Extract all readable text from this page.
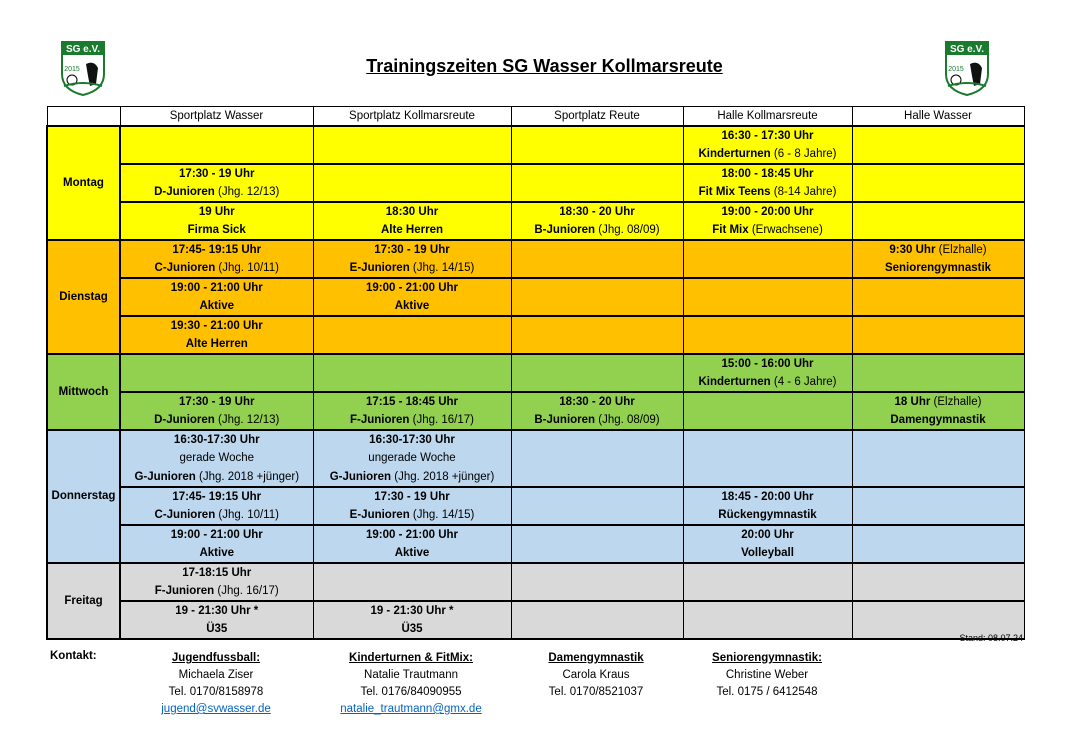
SG e.V.
2015
SG e.V.
2015
Trainingszeiten SG Wasser Kollmarsreute
	Sportplatz Wasser	Sportplatz Kollmarsreute	Sportplatz Reute	Halle Kollmarsreute	Halle Wasser
Montag				16:30 - 17:30 Uhr	
				Kinderturnen (6 - 8 Jahre)	
	17:30 - 19 Uhr			18:00 - 18:45 Uhr	
	D-Junioren (Jhg. 12/13)			Fit Mix Teens (8-14 Jahre)	
	19 Uhr	18:30 Uhr	18:30 - 20 Uhr	19:00 - 20:00 Uhr	
	Firma Sick	Alte Herren	B-Junioren (Jhg. 08/09)	Fit Mix (Erwachsene)	
Dienstag	17:45- 19:15 Uhr	17:30 - 19 Uhr			9:30 Uhr (Elzhalle)
	C-Junioren (Jhg. 10/11)	E-Junioren (Jhg. 14/15)			Seniorengymnastik
	19:00 - 21:00 Uhr	19:00 - 21:00 Uhr			
	Aktive	Aktive			
	19:30 - 21:00 Uhr				
	Alte Herren				
Mittwoch				15:00 - 16:00 Uhr	
				Kinderturnen (4 - 6 Jahre)	
	17:30 - 19 Uhr	17:15 - 18:45 Uhr	18:30 - 20 Uhr		18 Uhr (Elzhalle)
	D-Junioren (Jhg. 12/13)	F-Junioren (Jhg. 16/17)	B-Junioren (Jhg. 08/09)		Damengymnastik
Donnerstag	16:30-17:30 Uhr	16:30-17:30 Uhr			
	gerade Woche	ungerade Woche			
	G-Junioren (Jhg. 2018 +jünger)	G-Junioren (Jhg. 2018 +jünger)			
	17:45- 19:15 Uhr	17:30 - 19 Uhr		18:45 - 20:00 Uhr	
	C-Junioren (Jhg. 10/11)	E-Junioren (Jhg. 14/15)		Rückengymnastik	
	19:00 - 21:00 Uhr	19:00 - 21:00 Uhr		20:00 Uhr	
	Aktive	Aktive		Volleyball	
Freitag	17-18:15 Uhr				
	F-Junioren (Jhg. 16/17)				
	19 - 21:30 Uhr *	19 - 21:30 Uhr *			
	Ü35	Ü35			
Stand: 08.07.24
Kontakt:	Jugendfussball:
Michaela Ziser
Tel. 0170/8158978
jugend@svwasser.de
Kinderturnen & FitMix:
Natalie Trautmann
Tel. 0176/84090955
natalie_trautmann@gmx.de
Damengymnastik
Carola Kraus
Tel. 0170/8521037
Seniorengymnastik:
Christine Weber
Tel. 0175 / 6412548
